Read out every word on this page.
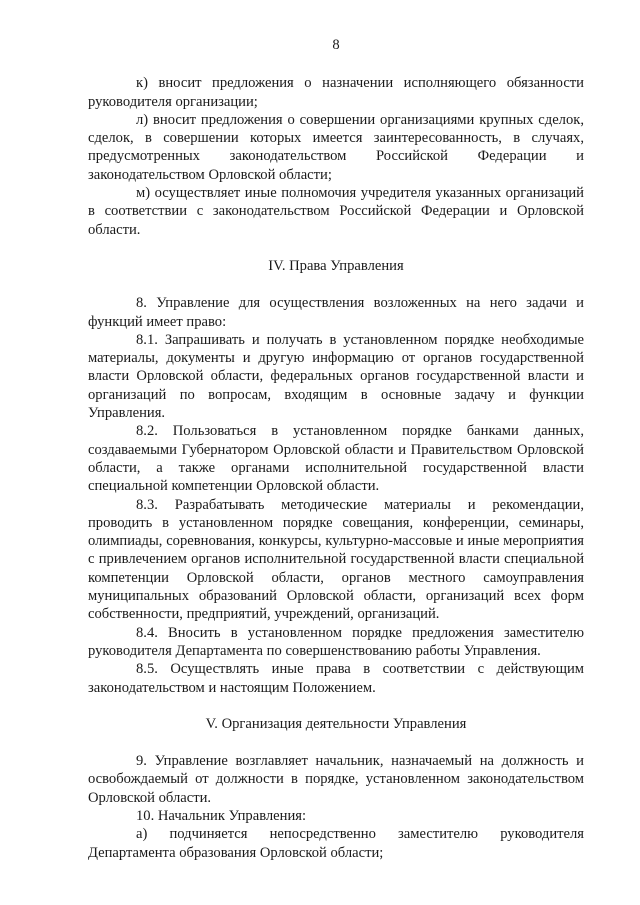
8

к) вносит предложения о назначении исполняющего обязанности руководителя организации;

л) вносит предложения о совершении организациями крупных сделок, сделок, в совершении которых имеется заинтересованность, в случаях, предусмотренных законодательством Российской Федерации и законодательством Орловской области;

м) осуществляет иные полномочия учредителя указанных организаций в соответствии с законодательством Российской Федерации и Орловской области.

IV. Права Управления

8. Управление для осуществления возложенных на него задачи и функций имеет право:

8.1. Запрашивать и получать в установленном порядке необходимые материалы, документы и другую информацию от органов государственной власти Орловской области, федеральных органов государственной власти и организаций по вопросам, входящим в основные задачу и функции Управления.

8.2. Пользоваться в установленном порядке банками данных, создаваемыми Губернатором Орловской области и Правительством Орловской области, а также органами исполнительной государственной власти специальной компетенции Орловской области.

8.3. Разрабатывать методические материалы и рекомендации, проводить в установленном порядке совещания, конференции, семинары, олимпиады, соревнования, конкурсы, культурно-массовые и иные мероприятия с привлечением органов исполнительной государственной власти специальной компетенции Орловской области, органов местного самоуправления муниципальных образований Орловской области, организаций всех форм собственности, предприятий, учреждений, организаций.

8.4. Вносить в установленном порядке предложения заместителю руководителя Департамента по совершенствованию работы Управления.

8.5. Осуществлять иные права в соответствии с действующим законодательством и настоящим Положением.

V. Организация деятельности Управления

9. Управление возглавляет начальник, назначаемый на должность и освобождаемый от должности в порядке, установленном законодательством Орловской области.

10. Начальник Управления:

а) подчиняется непосредственно заместителю руководителя Департамента образования Орловской области;
